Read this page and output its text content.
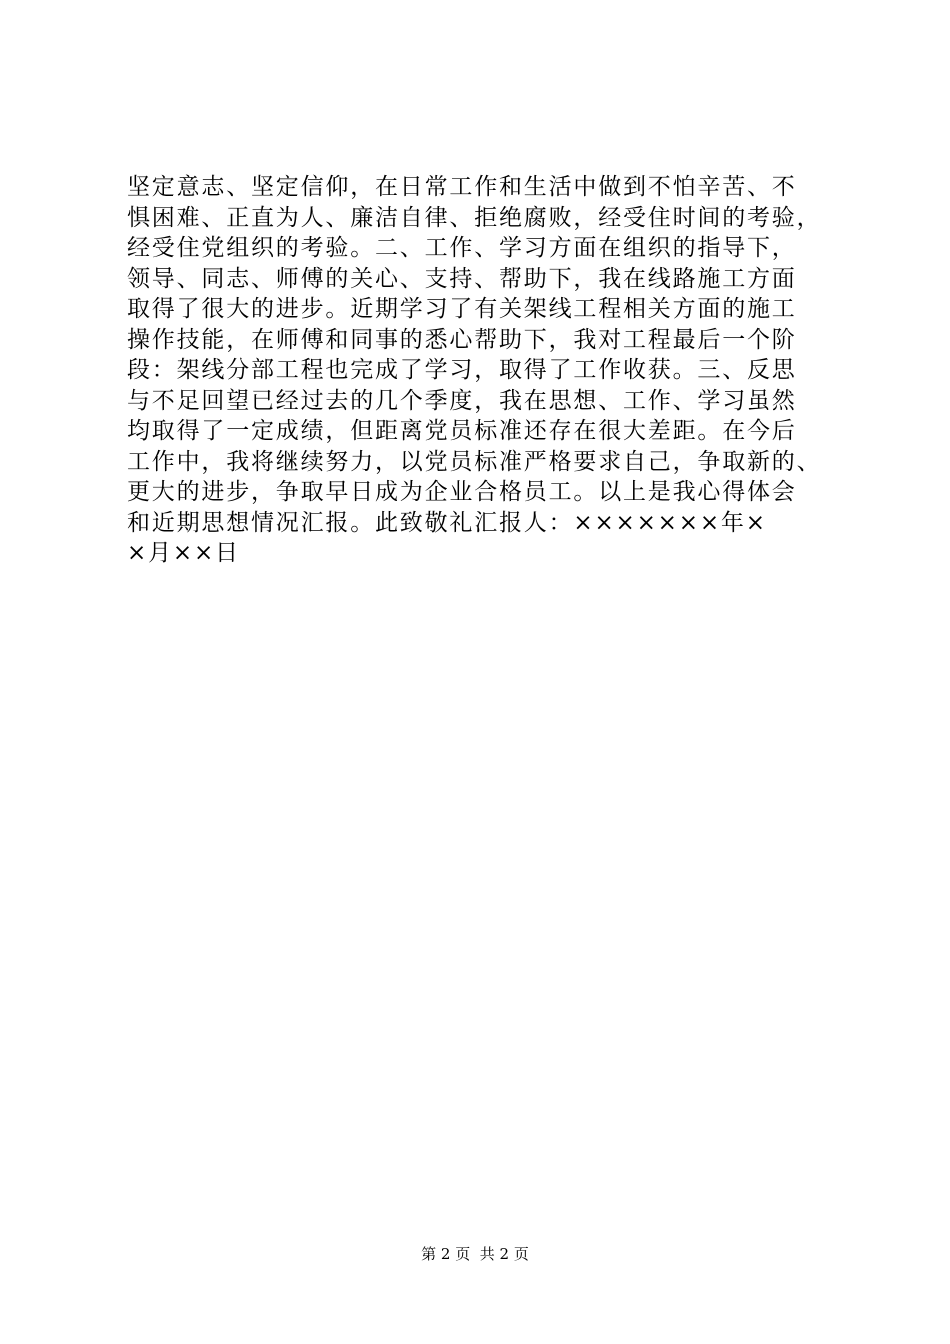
坚定意志、坚定信仰，在日常工作和生活中做到不怕辛苦、不
惧困难、正直为人、廉洁自律、拒绝腐败，经受住时间的考验，
经受住党组织的考验。二、工作、学习方面在组织的指导下，
领导、同志、师傅的关心、支持、帮助下，我在线路施工方面
取得了很大的进步。近期学习了有关架线工程相关方面的施工
操作技能，在师傅和同事的悉心帮助下，我对工程最后一个阶
段：架线分部工程也完成了学习，取得了工作收获。三、反思
与不足回望已经过去的几个季度，我在思想、工作、学习虽然
均取得了一定成绩，但距离党员标准还存在很大差距。在今后
工作中，我将继续努力，以党员标准严格要求自己，争取新的、
更大的进步，争取早日成为企业合格员工。以上是我心得体会
和近期思想情况汇报。此致敬礼汇报人：×××××××年×
×月××日
第 2 页  共 2 页
